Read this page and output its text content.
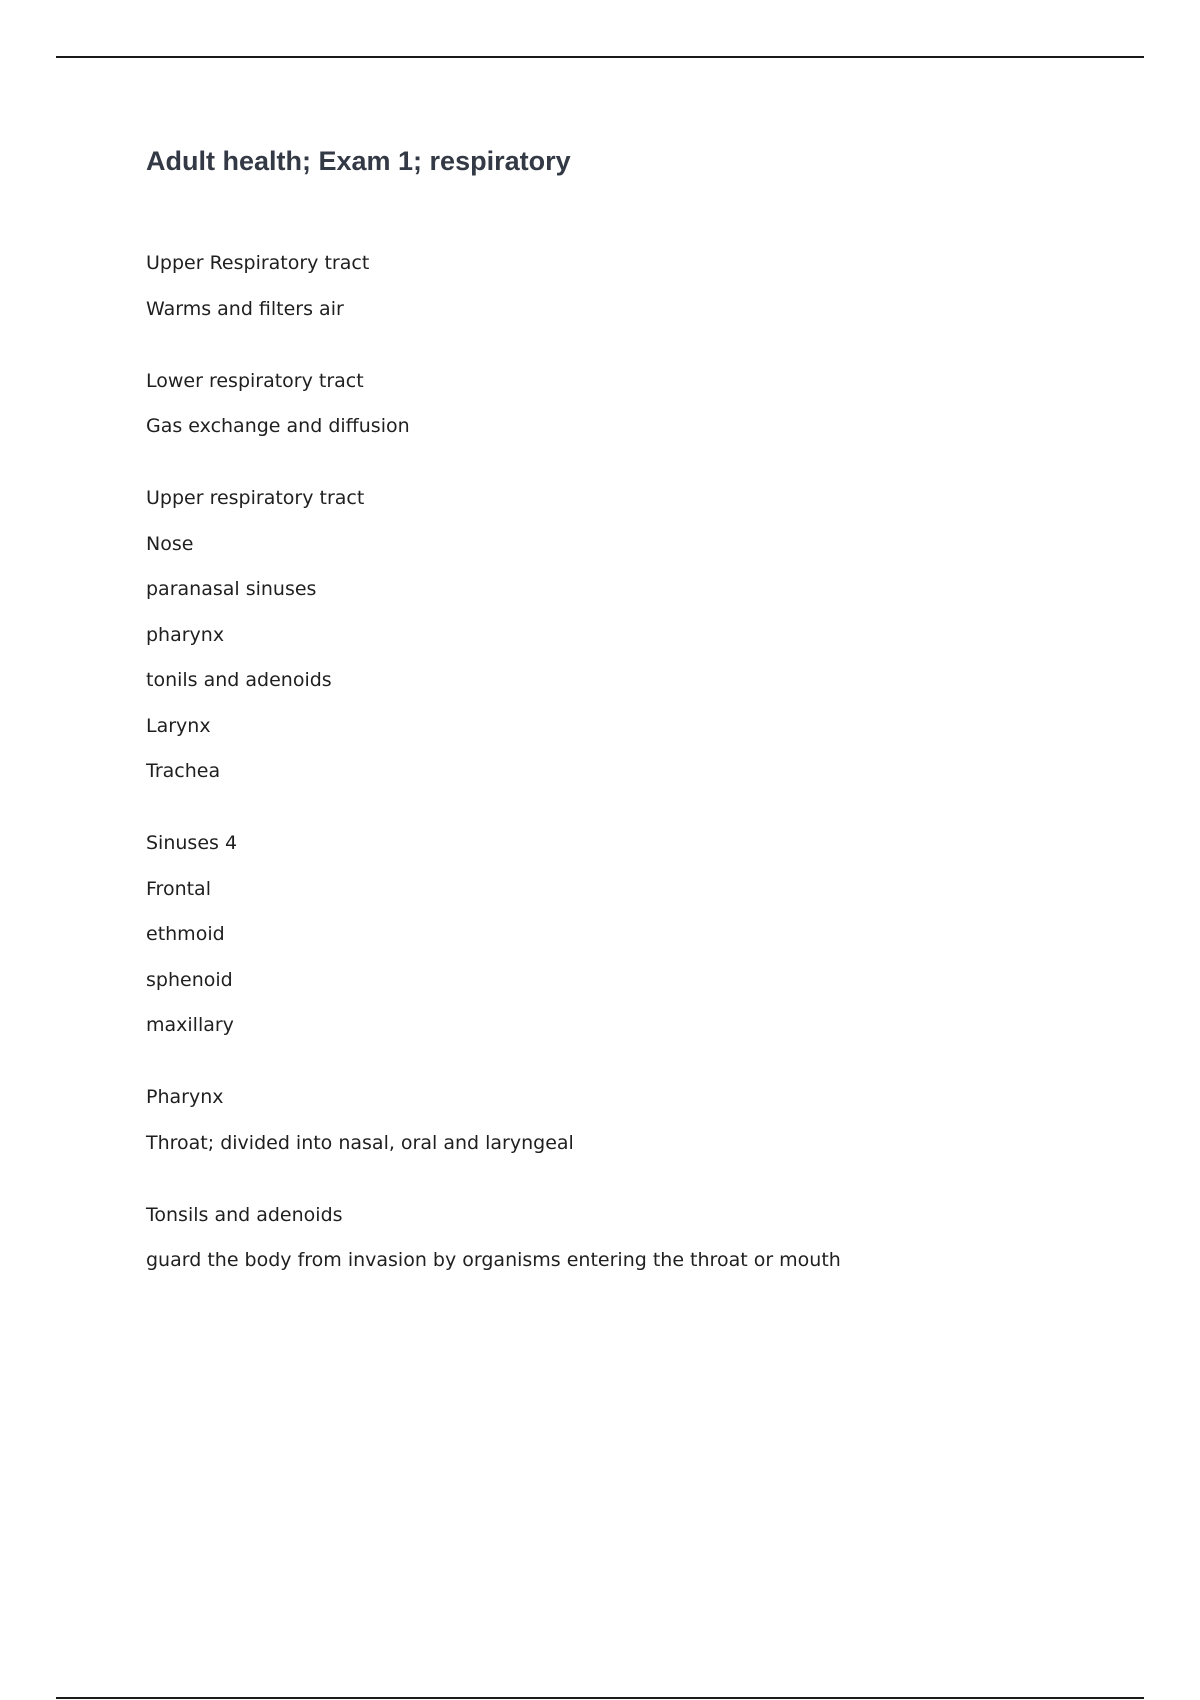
Adult health; Exam 1; respiratory
Upper Respiratory tract
Warms and filters air
Lower respiratory tract
Gas exchange and diffusion
Upper respiratory tract
Nose
paranasal sinuses
pharynx
tonils and adenoids
Larynx
Trachea
Sinuses 4
Frontal
ethmoid
sphenoid
maxillary
Pharynx
Throat; divided into nasal, oral and laryngeal
Tonsils and adenoids
guard the body from invasion by organisms entering the throat or mouth
